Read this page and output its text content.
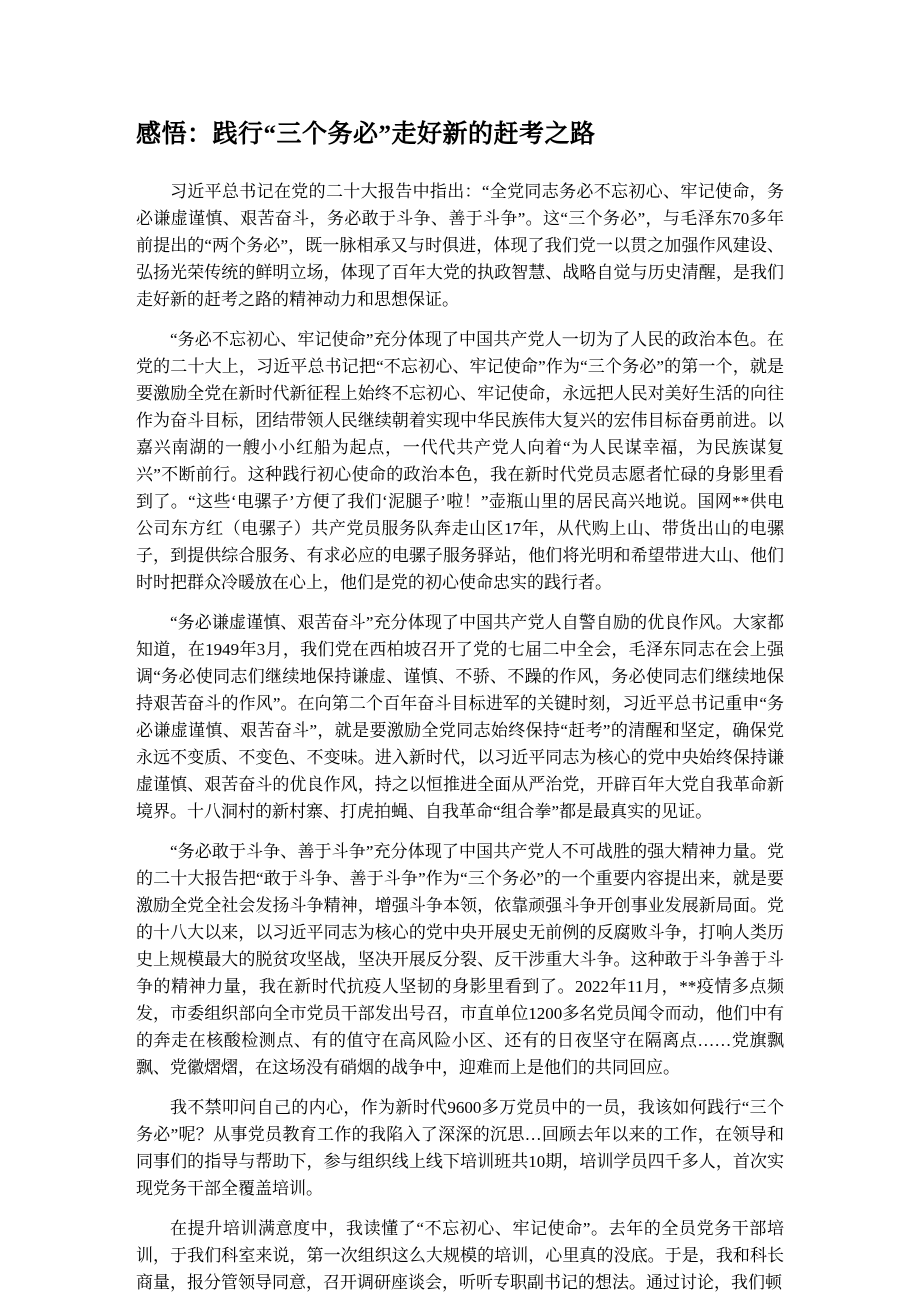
感悟：践行“三个务必”走好新的赶考之路

习近平总书记在党的二十大报告中指出：“全党同志务必不忘初心、牢记使命，务必谦虚谨慎、艰苦奋斗，务必敢于斗争、善于斗争”。这“三个务必”，与毛泽东70多年前提出的“两个务必”，既一脉相承又与时俱进，体现了我们党一以贯之加强作风建设、弘扬光荣传统的鲜明立场，体现了百年大党的执政智慧、战略自觉与历史清醒，是我们走好新的赶考之路的精神动力和思想保证。

“务必不忘初心、牢记使命”充分体现了中国共产党人一切为了人民的政治本色。在党的二十大上，习近平总书记把“不忘初心、牢记使命”作为“三个务必”的第一个，就是要激励全党在新时代新征程上始终不忘初心、牢记使命，永远把人民对美好生活的向往作为奋斗目标，团结带领人民继续朝着实现中华民族伟大复兴的宏伟目标奋勇前进。以嘉兴南湖的一艘小小红船为起点，一代代共产党人向着“为人民谋幸福，为民族谋复兴”不断前行。这种践行初心使命的政治本色，我在新时代党员志愿者忙碌的身影里看到了。“这些‘电骡子’方便了我们‘泥腿子’啦！”壶瓶山里的居民高兴地说。国网**供电公司东方红（电骡子）共产党员服务队奔走山区17年，从代购上山、带货出山的电骡子，到提供综合服务、有求必应的电骡子服务驿站，他们将光明和希望带进大山、他们时时把群众冷暖放在心上，他们是党的初心使命忠实的践行者。

“务必谦虚谨慎、艰苦奋斗”充分体现了中国共产党人自警自励的优良作风。大家都知道，在1949年3月，我们党在西柏坡召开了党的七届二中全会，毛泽东同志在会上强调“务必使同志们继续地保持谦虚、谨慎、不骄、不躁的作风，务必使同志们继续地保持艰苦奋斗的作风”。在向第二个百年奋斗目标进军的关键时刻，习近平总书记重申“务必谦虚谨慎、艰苦奋斗”，就是要激励全党同志始终保持“赶考”的清醒和坚定，确保党永远不变质、不变色、不变味。进入新时代，以习近平同志为核心的党中央始终保持谦虚谨慎、艰苦奋斗的优良作风，持之以恒推进全面从严治党，开辟百年大党自我革命新境界。十八洞村的新村寨、打虎拍蝇、自我革命“组合拳”都是最真实的见证。

“务必敢于斗争、善于斗争”充分体现了中国共产党人不可战胜的强大精神力量。党的二十大报告把“敢于斗争、善于斗争”作为“三个务必”的一个重要内容提出来，就是要激励全党全社会发扬斗争精神，增强斗争本领，依靠顽强斗争开创事业发展新局面。党的十八大以来，以习近平同志为核心的党中央开展史无前例的反腐败斗争，打响人类历史上规模最大的脱贫攻坚战，坚决开展反分裂、反干涉重大斗争。这种敢于斗争善于斗争的精神力量，我在新时代抗疫人坚韧的身影里看到了。2022年11月，**疫情多点频发，市委组织部向全市党员干部发出号召，市直单位1200多名党员闻令而动，他们中有的奔走在核酸检测点、有的值守在高风险小区、还有的日夜坚守在隔离点……党旗飘飘、党徽熠熠，在这场没有硝烟的战争中，迎难而上是他们的共同回应。

我不禁叩问自己的内心，作为新时代9600多万党员中的一员，我该如何践行“三个务必”呢？从事党员教育工作的我陷入了深深的沉思…回顾去年以来的工作，在领导和同事们的指导与帮助下，参与组织线上线下培训班共10期，培训学员四千多人，首次实现党务干部全覆盖培训。

在提升培训满意度中，我读懂了“不忘初心、牢记使命”。去年的全员党务干部培训，于我们科室来说，第一次组织这么大规模的培训，心里真的没底。于是，我和科长商量，报分管领导同意，召开调研座谈会，听听专职副书记的想法。通过讨论，我们顿
